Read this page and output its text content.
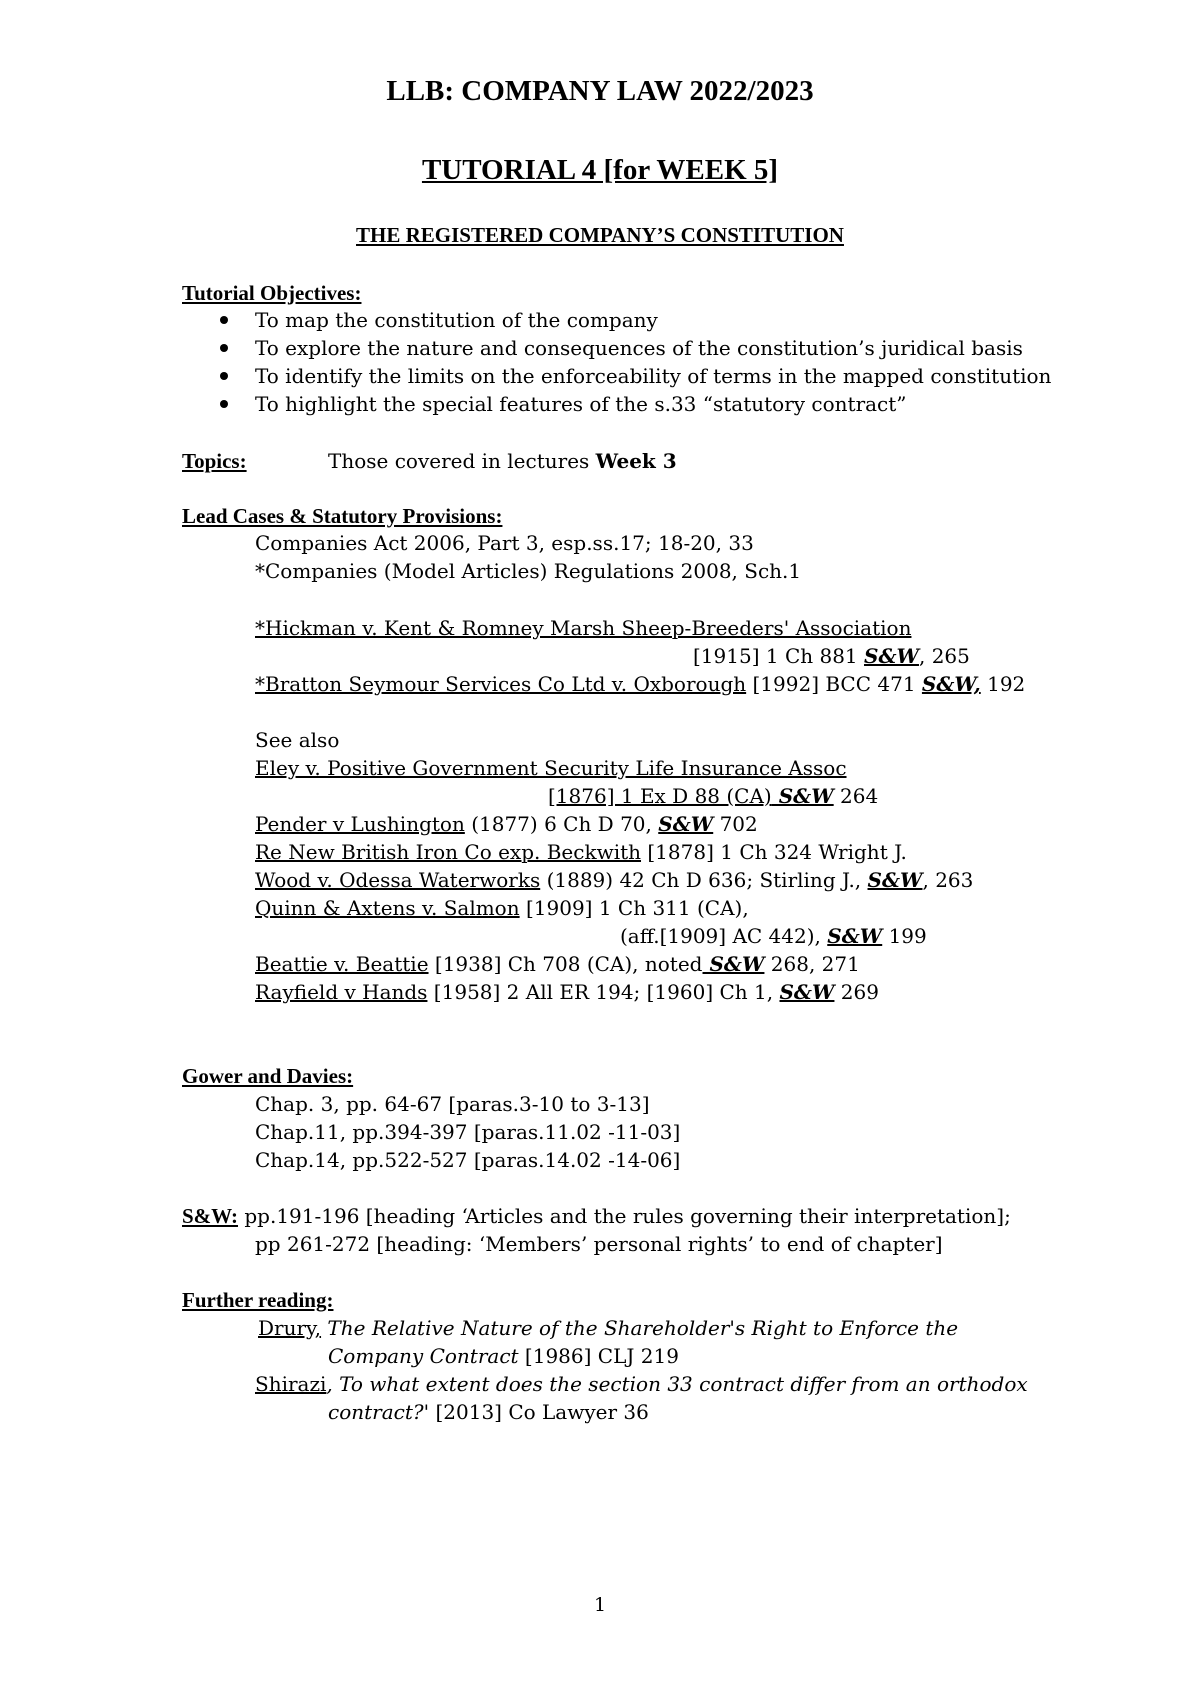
LLB: COMPANY LAW 2022/2023
TUTORIAL 4 [for WEEK 5]
THE REGISTERED COMPANY’S CONSTITUTION
Tutorial Objectives:
To map the constitution of the company
To explore the nature and consequences of the constitution’s juridical basis
To identify the limits on the enforceability of terms in the mapped constitution
To highlight the special features of the s.33 “statutory contract”
Topics:	Those covered in lectures Week 3
Lead Cases & Statutory Provisions:
Companies Act 2006, Part 3, esp.ss.17; 18-20, 33
*Companies (Model Articles) Regulations 2008, Sch.1
*Hickman v. Kent & Romney Marsh Sheep-Breeders' Association
[1915] 1 Ch 881 S&W, 265
*Bratton Seymour Services Co Ltd v. Oxborough [1992] BCC 471 S&W, 192
See also
Eley v. Positive Government Security Life Insurance Assoc
[1876] 1 Ex D 88 (CA) S&W 264
Pender v Lushington (1877) 6 Ch D 70, S&W 702
Re New British Iron Co exp. Beckwith [1878] 1 Ch 324 Wright J.
Wood v. Odessa Waterworks (1889) 42 Ch D 636; Stirling J., S&W, 263
Quinn & Axtens v. Salmon [1909] 1 Ch 311 (CA),
(aff.[1909] AC 442), S&W 199
Beattie v. Beattie [1938] Ch 708 (CA), noted S&W 268, 271
Rayfield v Hands [1958] 2 All ER 194; [1960] Ch 1, S&W 269
Gower and Davies:
Chap. 3, pp. 64-67 [paras.3-10 to 3-13]
Chap.11, pp.394-397 [paras.11.02 -11-03]
Chap.14, pp.522-527 [paras.14.02 -14-06]
S&W: pp.191-196 [heading ‘Articles and the rules governing their interpretation];
pp 261-272 [heading: ‘Members’ personal rights’ to end of chapter]
Further reading:
Drury, The Relative Nature of the Shareholder's Right to Enforce the
Company Contract [1986] CLJ 219
Shirazi, To what extent does the section 33 contract differ from an orthodox
contract?' [2013] Co Lawyer 36
1
